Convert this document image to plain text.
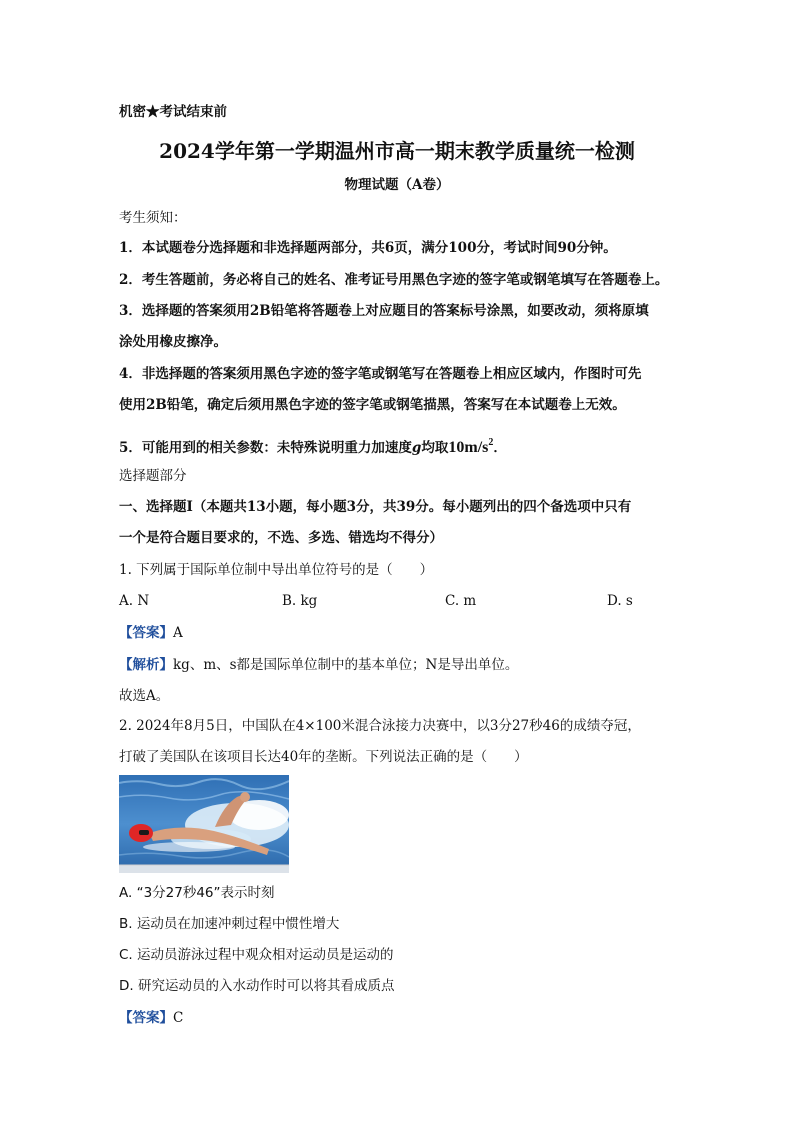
机密★考试结束前
2024学年第一学期温州市高一期末教学质量统一检测
物理试题（A卷）
考生须知：
1．本试题卷分选择题和非选择题两部分，共6页，满分100分，考试时间90分钟。
2．考生答题前，务必将自己的姓名、准考证号用黑色字迹的签字笔或钢笔填写在答题卷上。
3．选择题的答案须用2B铅笔将答题卷上对应题目的答案标号涂黑，如要改动，须将原填
涂处用橡皮擦净。
4．非选择题的答案须用黑色字迹的签字笔或钢笔写在答题卷上相应区域内，作图时可先
使用2B铅笔，确定后须用黑色字迹的签字笔或钢笔描黑，答案写在本试题卷上无效。
5．可能用到的相关参数：未特殊说明重力加速度g均取$10m/s^2$．
选择题部分
一、选择题Ⅰ（本题共13小题，每小题3分，共39分。每小题列出的四个备选项中只有
一个是符合题目要求的，不选、多选、错选均不得分）
1. 下列属于国际单位制中导出单位符号的是（　　）
A. N	B. kg	C. m	D. s
【答案】A
【解析】kg、m、s都是国际单位制中的基本单位；N是导出单位。
故选A。
2. 2024年8月5日，中国队在4×100米混合泳接力决赛中，以3分27秒46的成绩夺冠，
打破了美国队在该项目长达40年的垄断。下列说法正确的是（　　）
A. “3分27秒46”表示时刻
B. 运动员在加速冲刺过程中惯性增大
C. 运动员游泳过程中观众相对运动员是运动的
D. 研究运动员的入水动作时可以将其看成质点
【答案】C
